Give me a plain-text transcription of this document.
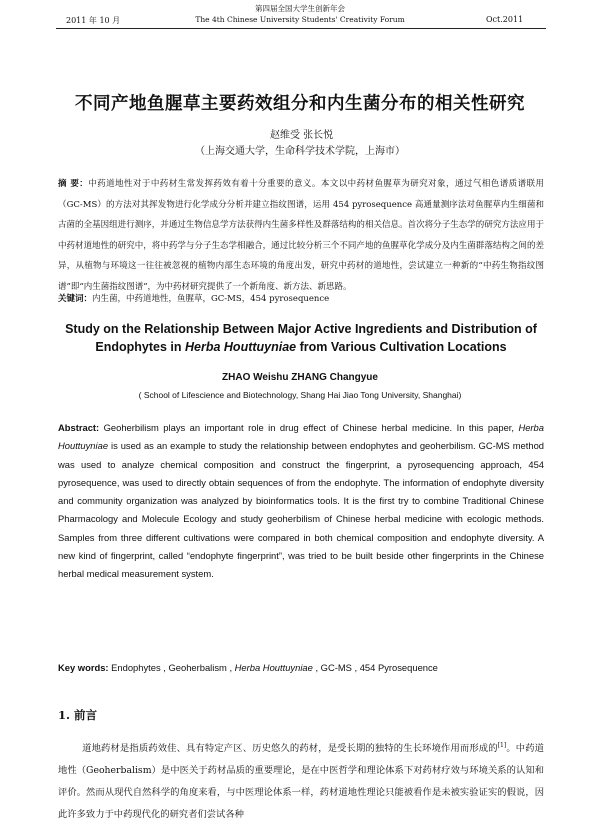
第四届全国大学生创新年会
2011 年 10 月	The 4th Chinese University Students' Creativity Forum	Oct.2011
不同产地鱼腥草主要药效组分和内生菌分布的相关性研究
赵维受 张长悦
（上海交通大学，生命科学技术学院，上海市）
摘 要：中药道地性对于中药材生常发挥药效有着十分重要的意义。本文以中药材鱼腥草为研究对象，通过气相色谱质谱联用（GC-MS）的方法对其挥发物进行化学成分分析并建立指纹图谱，运用 454 pyrosequence 高通量测序法对鱼腥草内生细菌和古菌的全基因组进行测序，并通过生物信息学方法获得内生菌多样性及群落结构的相关信息。首次将分子生态学的研究方法应用于中药材道地性的研究中，将中药学与分子生态学相融合，通过比较分析三个不同产地的鱼腥草化学成分及内生菌群落结构之间的差异，从植物与环境这一往往被忽视的植物内部生态环境的角度出发，研究中药材的道地性，尝试建立一种新的“中药生物指纹图谱”即“内生菌指纹图谱”，为中药材研究提供了一个新角度、新方法、新思路。
关键词：内生菌，中药道地性，鱼腥草，GC-MS，454 pyrosequence
Study on the Relationship Between Major Active Ingredients and Distribution of Endophytes in Herba Houttuyniae from Various Cultivation Locations
ZHAO Weishu ZHANG Changyue
( School of Lifescience and Biotechnology, Shang Hai Jiao Tong University, Shanghai)
Abstract: Geoherbilism plays an important role in drug effect of Chinese herbal medicine. In this paper, Herba Houttuyniae is used as an example to study the relationship between endophytes and geoherbilism. GC-MS method was used to analyze chemical composition and construct the fingerprint, a pyrosequencing approach, 454 pyrosequence, was used to directly obtain sequences of from the endophyte. The information of endophyte diversity and community organization was analyzed by bioinformatics tools. It is the first try to combine Traditional Chinese Pharmacology and Molecule Ecology and study geoherbilism of Chinese herbal medicine with ecologic methods. Samples from three different cultivations were compared in both chemical composition and endophyte diversity. A new kind of fingerprint, called “endophyte fingerprint”, was tried to be built beside other fingerprints in the Chinese herbal medical measurement system.
Key words: Endophytes , Geoherbalism , Herba Houttuyniae , GC-MS , 454 Pyrosequence
1. 前言
道地药材是指质药效佳、具有特定产区、历史悠久的药材，是受长期的独特的生长环境作用而形成的[1]。中药道地性（Geoherbalism）是中医关于药材品质的重要理论，是在中医哲学和理论体系下对药材疗效与环境关系的认知和评价。然而从现代自然科学的角度来看，与中医理论体系一样，药材道地性理论只能被看作是未被实验证实的假说，因此许多致力于中药现代化的研究者们尝试各种
